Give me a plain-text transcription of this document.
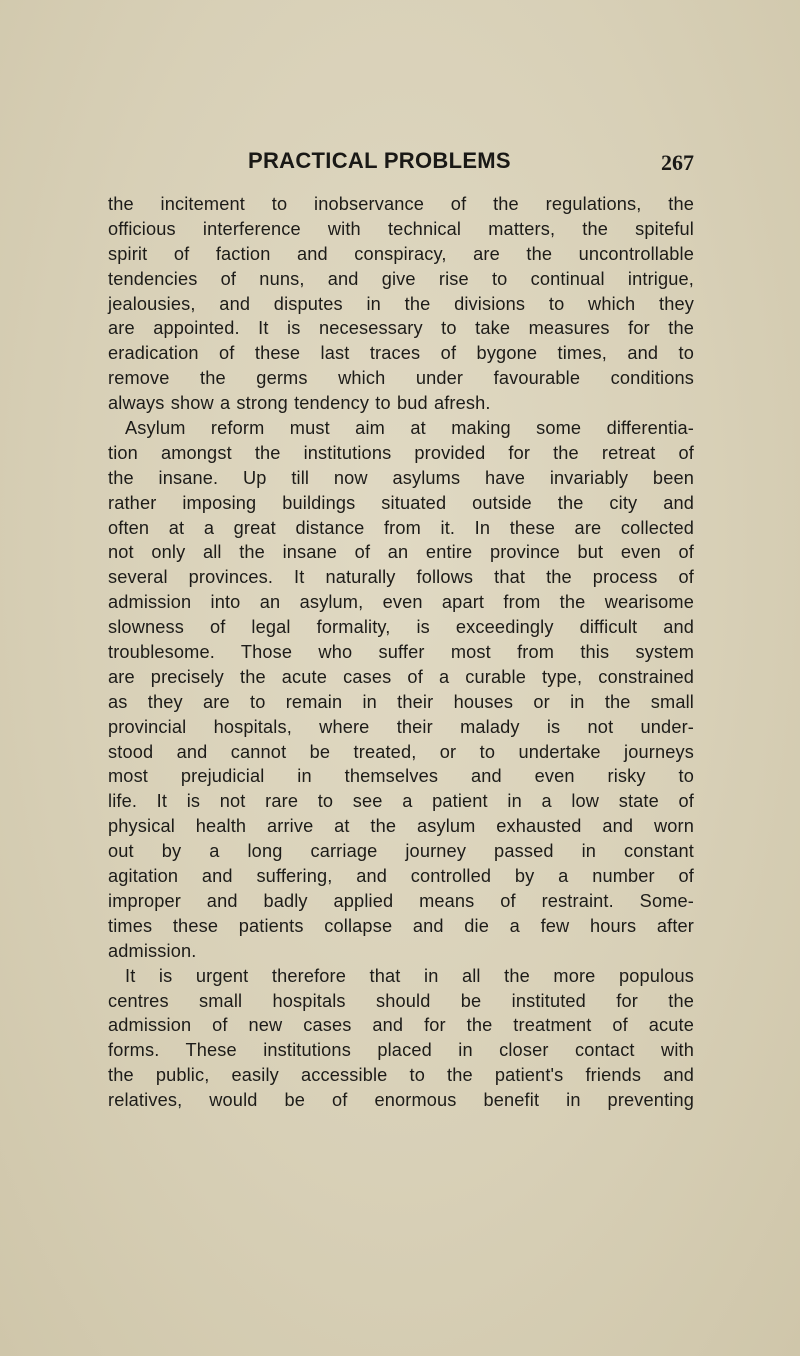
PRACTICAL PROBLEMS	267
the incitement to inobservance of the regulations, the
officious interference with technical matters, the spiteful
spirit of faction and conspiracy, are the uncontrollable
tendencies of nuns, and give rise to continual intrigue,
jealousies, and disputes in the divisions to which they
are appointed. It is necesessary to take measures for the
eradication of these last traces of bygone times, and to
remove the germs which under favourable conditions
always show a strong tendency to bud afresh.
Asylum reform must aim at making some differentia-
tion amongst the institutions provided for the retreat of
the insane. Up till now asylums have invariably been
rather imposing buildings situated outside the city and
often at a great distance from it. In these are collected
not only all the insane of an entire province but even of
several provinces. It naturally follows that the process of
admission into an asylum, even apart from the wearisome
slowness of legal formality, is exceedingly difficult and
troublesome. Those who suffer most from this system
are precisely the acute cases of a curable type, constrained
as they are to remain in their houses or in the small
provincial hospitals, where their malady is not under-
stood and cannot be treated, or to undertake journeys
most prejudicial in themselves and even risky to
life. It is not rare to see a patient in a low state of
physical health arrive at the asylum exhausted and worn
out by a long carriage journey passed in constant
agitation and suffering, and controlled by a number of
improper and badly applied means of restraint. Some-
times these patients collapse and die a few hours after
admission.
It is urgent therefore that in all the more populous
centres small hospitals should be instituted for the
admission of new cases and for the treatment of acute
forms. These institutions placed in closer contact with
the public, easily accessible to the patient's friends and
relatives, would be of enormous benefit in preventing
